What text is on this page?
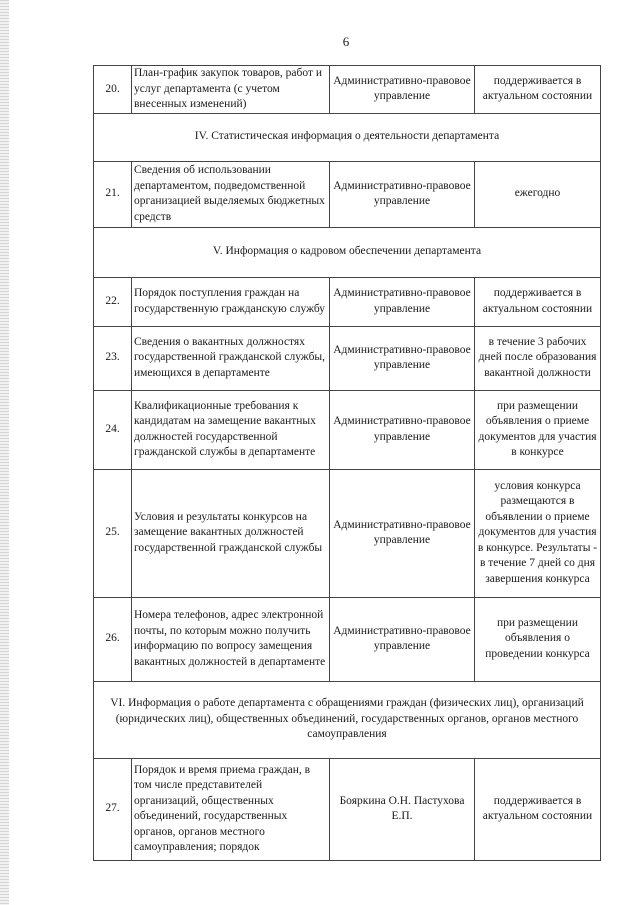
6
20.	План-график закупок товаров, работ и услуг департамента (с учетом внесенных изменений)	Административно-правовое управление	поддерживается в актуальном состоянии
IV. Статистическая информация о деятельности департамента			
21.	Сведения об использовании департаментом, подведомственной организацией выделяемых бюджетных средств	Административно-правовое управление	ежегодно
V. Информация о кадровом обеспечении департамента			
22.	Порядок поступления граждан на государственную гражданскую службу	Административно-правовое управление	поддерживается в актуальном состоянии
23.	Сведения о вакантных должностях государственной гражданской службы, имеющихся в департаменте	Административно-правовое управление	в течение 3 рабочих дней после образования вакантной должности
24.	Квалификационные требования к кандидатам на замещение вакантных должностей государственной гражданской службы в департаменте	Административно-правовое управление	при размещении объявления о приеме документов для участия в конкурсе
25.	Условия и результаты конкурсов на замещение вакантных должностей государственной гражданской службы	Административно-правовое управление	условия конкурса размещаются в объявлении о приеме документов для участия в конкурсе. Результаты - в течение 7 дней со дня завершения конкурса
26.	Номера телефонов, адрес электронной почты, по которым можно получить информацию по вопросу замещения вакантных должностей в департаменте	Административно-правовое управление	при размещении объявления о проведении конкурса
VI. Информация о работе департамента с обращениями граждан (физических лиц), организаций (юридических лиц), общественных объединений, государственных органов, органов местного самоуправления			
27.	Порядок и время приема граждан, в том числе представителей организаций, общественных объединений, государственных органов, органов местного самоуправления; порядок	Бояркина О.Н. Пастухова Е.П.	поддерживается в актуальном состоянии
